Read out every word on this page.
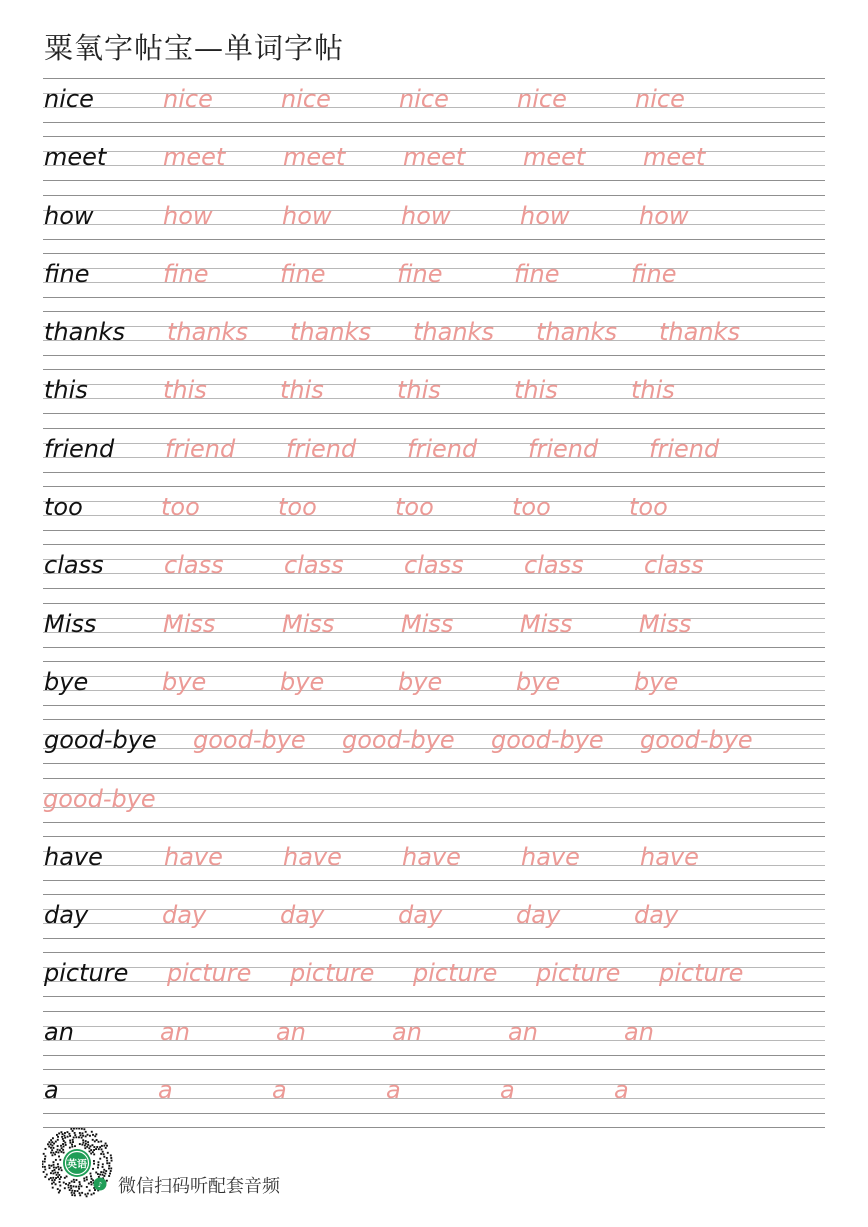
粟氧字帖宝—单词字帖
nice	nice	nice	nice	nice	nice
meet meet meet meet meet meet
how	how	how	how	how	how
fine	fine	fine	fine	fine	fine
thanks thanks thanks thanks thanks thanks
this	this	this	this	this	this
friend friend friend friend friend friend
too	too	too	too	too	too
class	class	class	class	class	class
Miss	Miss	Miss	Miss	Miss	Miss
bye	bye	bye	bye	bye	bye
good-bye good-bye good-bye good-bye good-bye
good-bye
have	have	have	have	have	have
day	day	day	day	day	day
picture picture picture picture picture picture
an	an	an	an	an	an
a	a	a	a	a	a
英语
♪ 微信扫码听配套音频
